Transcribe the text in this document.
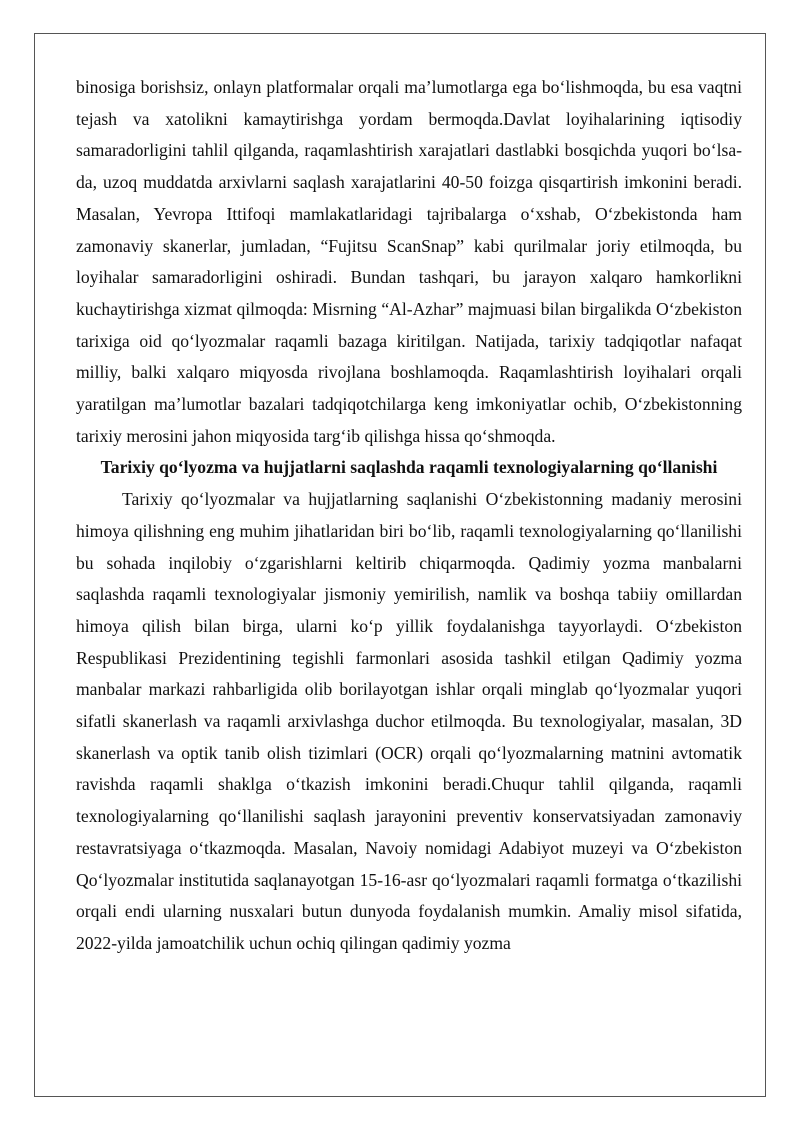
binosiga borishsiz, onlayn platformalar orqali ma’lumotlarga ega bo‘lishmoqda, bu esa vaqtni tejash va xatolikni kamaytirishga yordam bermoqda.Davlat loyihalarining iqtisodiy samaradorligini tahlil qilganda, raqamlashtirish xarajatlari dastlabki bosqichda yuqori bo‘lsa-da, uzoq muddatda arxivlarni saqlash xarajatlarini 40-50 foizga qisqartirish imkonini beradi. Masalan, Yevropa Ittifoqi mamlakatlaridagi tajribalarga o‘xshab, O‘zbekistonda ham zamonaviy skanerlar, jumladan, “Fujitsu ScanSnap” kabi qurilmalar joriy etilmoqda, bu loyihalar samaradorligini oshiradi. Bundan tashqari, bu jarayon xalqaro hamkorlikni kuchaytirishga xizmat qilmoqda: Misrning “Al-Azhar” majmuasi bilan birgalikda O‘zbekiston tarixiga oid qo‘lyozmalar raqamli bazaga kiritilgan. Natijada, tarixiy tadqiqotlar nafaqat milliy, balki xalqaro miqyosda rivojlana boshlamoqda. Raqamlashtirish loyihalari orqali yaratilgan ma’lumotlar bazalari tadqiqotchilarga keng imkoniyatlar ochib, O‘zbekistonning tarixiy merosini jahon miqyosida targ‘ib qilishga hissa qo‘shmoqda.

Tarixiy qo‘lyozma va hujjatlarni saqlashda raqamli texnologiyalarning qo‘llanishi

Tarixiy qo‘lyozmalar va hujjatlarning saqlanishi O‘zbekistonning madaniy merosini himoya qilishning eng muhim jihatlaridan biri bo‘lib, raqamli texnologiyalarning qo‘llanilishi bu sohada inqilobiy o‘zgarishlarni keltirib chiqarmoqda. Qadimiy yozma manbalarni saqlashda raqamli texnologiyalar jismoniy yemirilish, namlik va boshqa tabiiy omillardan himoya qilish bilan birga, ularni ko‘p yillik foydalanishga tayyorlaydi. O‘zbekiston Respublikasi Prezidentining tegishli farmonlari asosida tashkil etilgan Qadimiy yozma manbalar markazi rahbarligida olib borilayotgan ishlar orqali minglab qo‘lyozmalar yuqori sifatli skanerlash va raqamli arxivlashga duchor etilmoqda. Bu texnologiyalar, masalan, 3D skanerlash va optik tanib olish tizimlari (OCR) orqali qo‘lyozmalarning matnini avtomatik ravishda raqamli shaklga o‘tkazish imkonini beradi.Chuqur tahlil qilganda, raqamli texnologiyalarning qo‘llanilishi saqlash jarayonini preventiv konservatsiyadan zamonaviy restavratsiyaga o‘tkazmoqda. Masalan, Navoiy nomidagi Adabiyot muzeyi va O‘zbekiston Qo‘lyozmalar institutida saqlanayotgan 15-16-asr qo‘lyozmalari raqamli formatga o‘tkazilishi orqali endi ularning nusxalari butun dunyoda foydalanish mumkin. Amaliy misol sifatida, 2022-yilda jamoatchilik uchun ochiq qilingan qadimiy yozma
